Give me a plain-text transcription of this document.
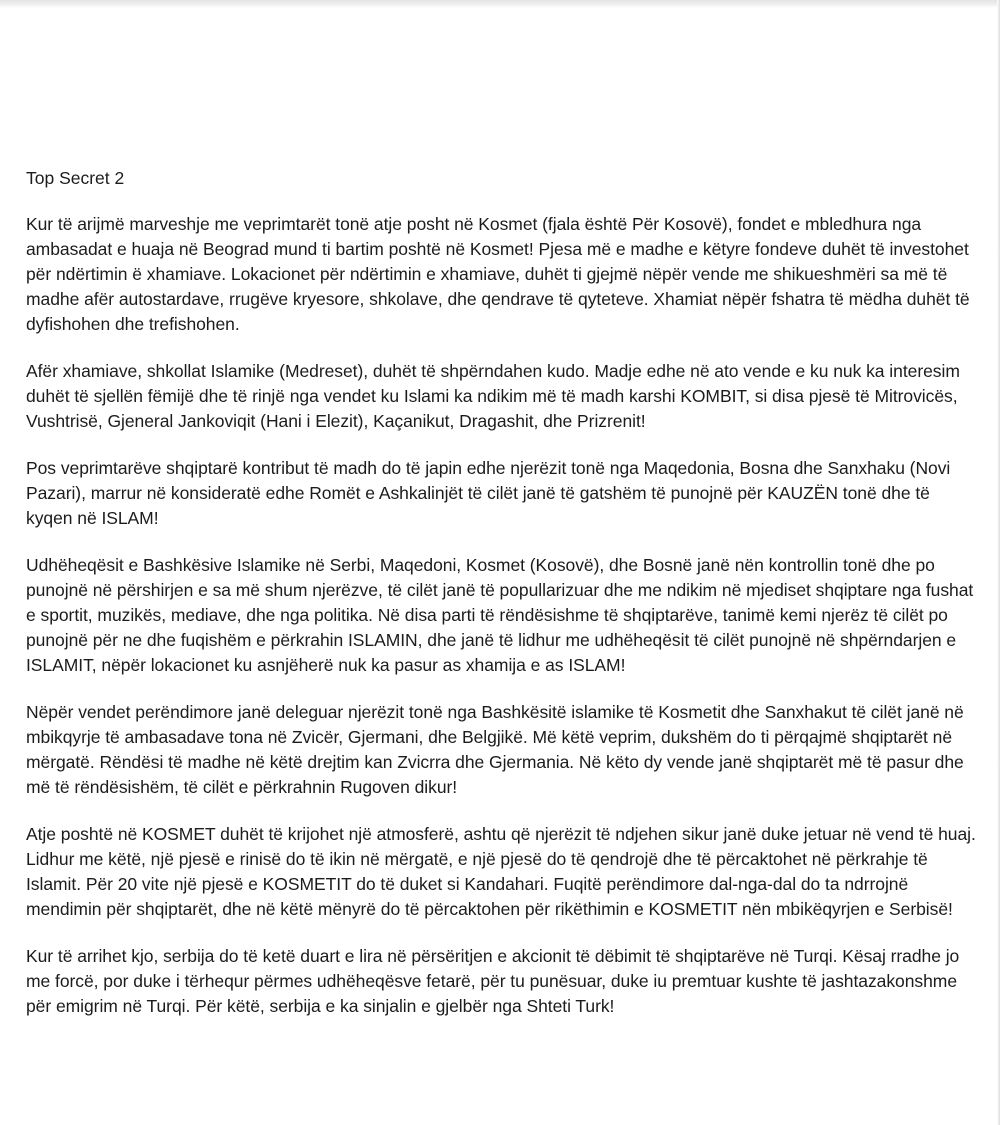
Top Secret 2

Kur të arijmë marveshje me veprimtarët tonë atje posht në Kosmet (fjala është Për Kosovë), fondet e mbledhura nga ambasadat e huaja në Beograd mund ti bartim poshtë në Kosmet! Pjesa më e madhe e këtyre fondeve duhët të investohet për ndërtimin ë xhamiave. Lokacionet për ndërtimin e xhamiave, duhët ti gjejmë nëpër vende me shikueshmëri sa më të madhe afër autostardave, rrugëve kryesore, shkolave, dhe qendrave të qyteteve. Xhamiat nëpër fshatra të mëdha duhët të dyfishohen dhe trefishohen.

Afër xhamiave, shkollat Islamike (Medreset), duhët të shpërndahen kudo. Madje edhe në ato vende e ku nuk ka interesim duhët të sjellën fëmijë dhe të rinjë nga vendet ku Islami ka ndikim më të madh karshi KOMBIT, si disa pjesë të Mitrovicës, Vushtrisë, Gjeneral Jankoviqit (Hani i Elezit), Kaçanikut, Dragashit, dhe Prizrenit!

Pos veprimtarëve shqiptarë kontribut të madh do të japin edhe njerëzit tonë nga Maqedonia, Bosna dhe Sanxhaku (Novi Pazari), marrur në konsideratë edhe Romët e Ashkalinjët të cilët janë të gatshëm të punojnë për KAUZËN tonë dhe të kyqen në ISLAM!

Udhëheqësit e Bashkësive Islamike në Serbi, Maqedoni, Kosmet (Kosovë), dhe Bosnë janë nën kontrollin tonë dhe po punojnë në përshirjen e sa më shum njerëzve, të cilët janë të popullarizuar dhe me ndikim në mjediset shqiptare nga fushat e sportit, muzikës, mediave, dhe nga politika. Në disa parti të rëndësishme të shqiptarëve, tanimë kemi njerëz të cilët po punojnë për ne dhe fuqishëm e përkrahin ISLAMIN, dhe janë të lidhur me udhëheqësit të cilët punojnë në shpërndarjen e ISLAMIT, nëpër lokacionet ku asnjëherë nuk ka pasur as xhamija e as ISLAM!

Nëpër vendet perëndimore janë deleguar njerëzit tonë nga Bashkësitë islamike të Kosmetit dhe Sanxhakut të cilët janë në mbikqyrje të ambasadave tona në Zvicër, Gjermani, dhe Belgjikë. Më këtë veprim, dukshëm do ti përqajmë shqiptarët në mërgatë. Rëndësi të madhe në këtë drejtim kan Zvicrra dhe Gjermania. Në këto dy vende janë shqiptarët më të pasur dhe më të rëndësishëm, të cilët e përkrahnin Rugoven dikur!

Atje poshtë në KOSMET duhët të krijohet një atmosferë, ashtu që njerëzit të ndjehen sikur janë duke jetuar në vend të huaj. Lidhur me këtë, një pjesë e rinisë do të ikin në mërgatë, e një pjesë do të qendrojë dhe të përcaktohet në përkrahje të Islamit. Për 20 vite një pjesë e KOSMETIT do të duket si Kandahari. Fuqitë perëndimore dal-nga-dal do ta ndrrojnë mendimin për shqiptarët, dhe në këtë mënyrë do të përcaktohen për rikëthimin e KOSMETIT nën mbikëqyrjen e Serbisë!

Kur të arrihet kjo, serbija do të ketë duart e lira në përsëritjen e akcionit të dëbimit të shqiptarëve në Turqi. Kësaj rradhe jo me forcë, por duke i tërhequr përmes udhëheqësve fetarë, për tu punësuar, duke iu premtuar kushte të jashtazakonshme për emigrim në Turqi. Për këtë, serbija e ka sinjalin e gjelbër nga Shteti Turk!
